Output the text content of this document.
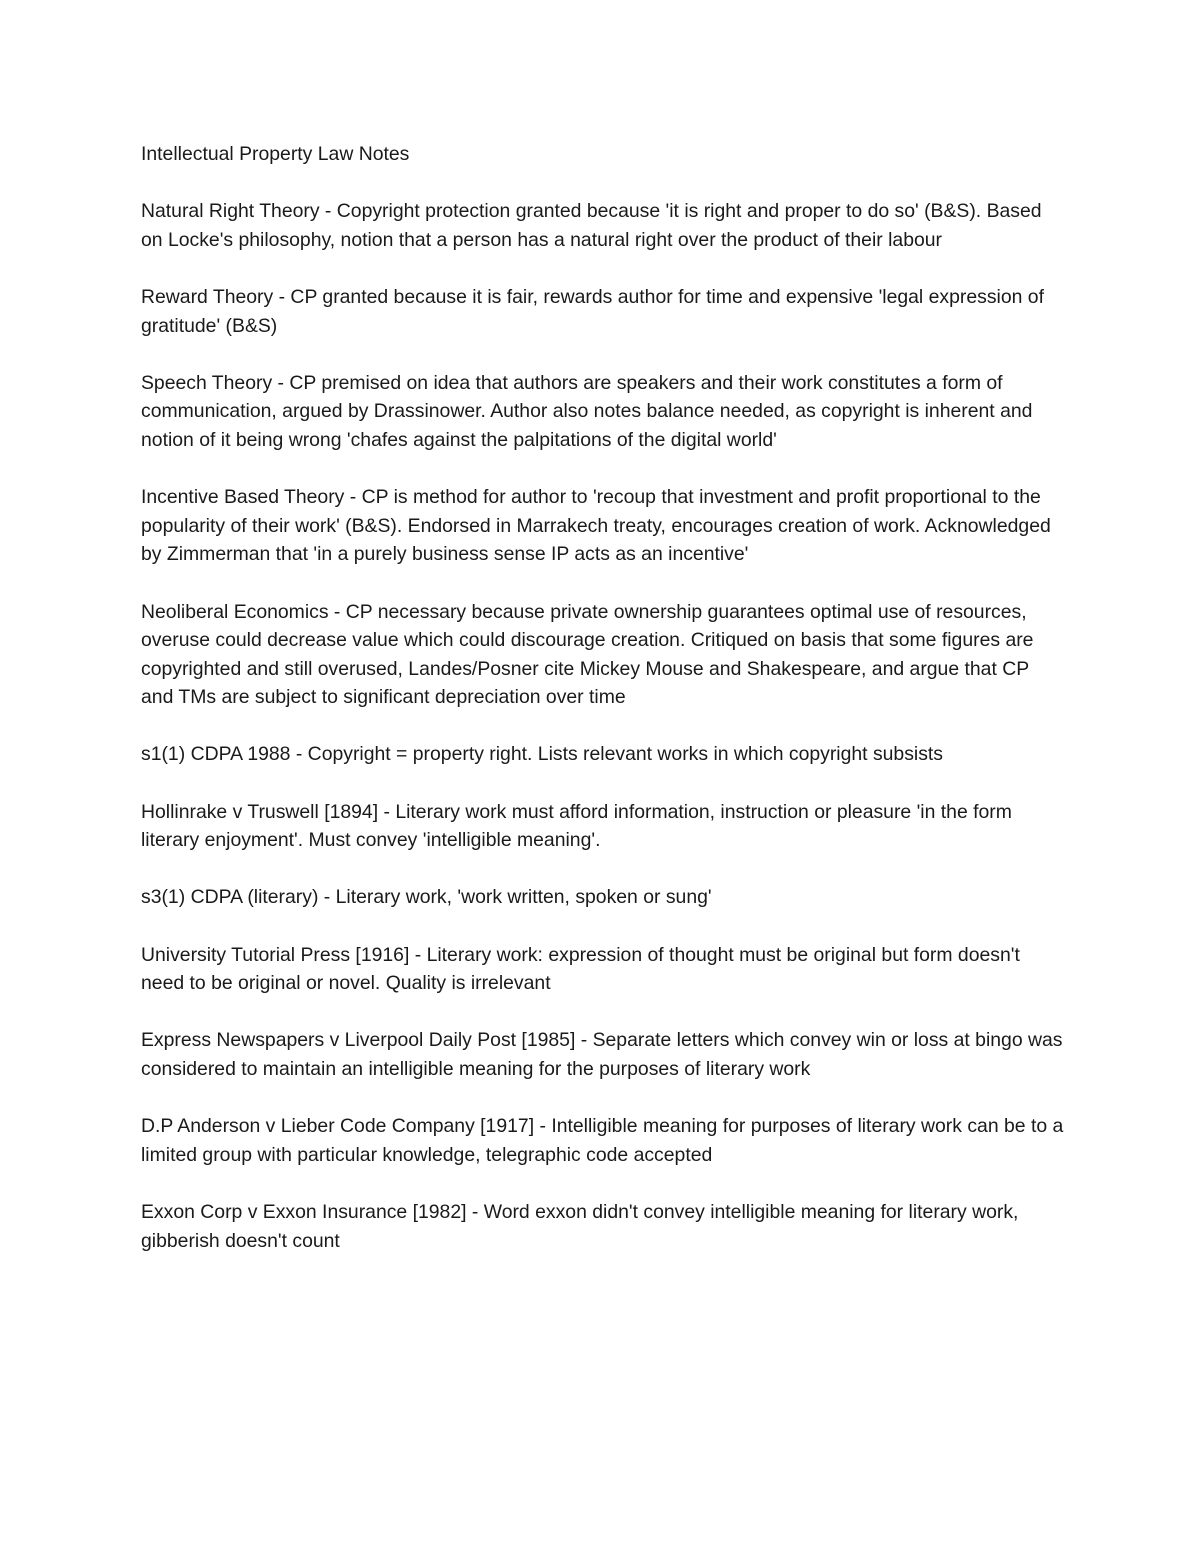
Intellectual Property Law Notes

Natural Right Theory - Copyright protection granted because 'it is right and proper to do so' (B&S). Based on Locke's philosophy, notion that a person has a natural right over the product of their labour

Reward Theory - CP granted because it is fair, rewards author for time and expensive 'legal expression of gratitude' (B&S)

Speech Theory - CP premised on idea that authors are speakers and their work constitutes a form of communication, argued by Drassinower. Author also notes balance needed, as copyright is inherent and notion of it being wrong 'chafes against the palpitations of the digital world'

Incentive Based Theory - CP is method for author to 'recoup that investment and profit proportional to the popularity of their work' (B&S). Endorsed in Marrakech treaty, encourages creation of work. Acknowledged by Zimmerman that 'in a purely business sense IP acts as an incentive'

Neoliberal Economics - CP necessary because private ownership guarantees optimal use of resources, overuse could decrease value which could discourage creation. Critiqued on basis that some figures are copyrighted and still overused, Landes/Posner cite Mickey Mouse and Shakespeare, and argue that CP and TMs are subject to significant depreciation over time

s1(1) CDPA 1988 - Copyright = property right. Lists relevant works in which copyright subsists

Hollinrake v Truswell [1894] - Literary work must afford information, instruction or pleasure 'in the form literary enjoyment'. Must convey 'intelligible meaning'.

s3(1) CDPA (literary) - Literary work, 'work written, spoken or sung'

University Tutorial Press [1916] - Literary work: expression of thought must be original but form doesn't need to be original or novel. Quality is irrelevant

Express Newspapers v Liverpool Daily Post [1985] - Separate letters which convey win or loss at bingo was considered to maintain an intelligible meaning for the purposes of literary work

D.P Anderson v Lieber Code Company [1917] - Intelligible meaning for purposes of literary work can be to a limited group with particular knowledge, telegraphic code accepted

Exxon Corp v Exxon Insurance [1982] - Word exxon didn't convey intelligible meaning for literary work, gibberish doesn't count
